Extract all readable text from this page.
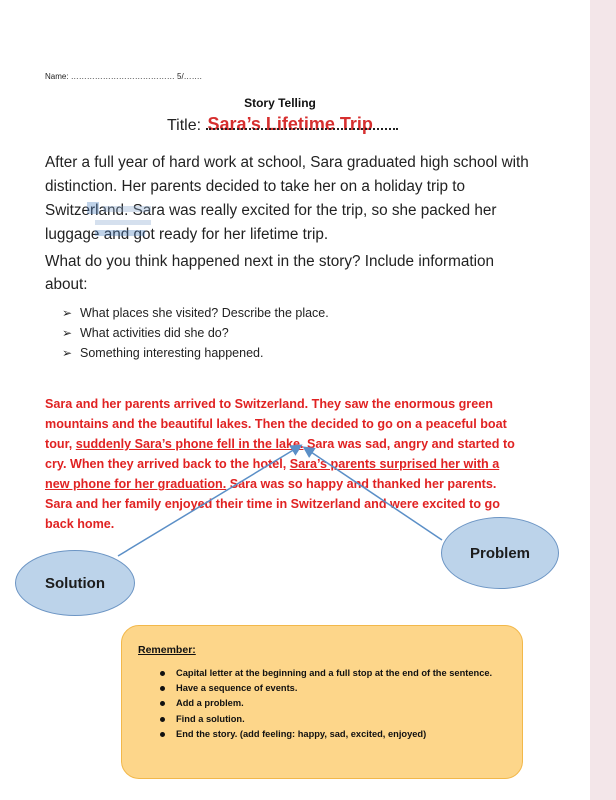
Name: ………………………………… 5/…….
Story Telling
Title: Sara’s Lifetime Trip
After a full year of hard work at school, Sara graduated high school with distinction. Her parents decided to take her on a holiday trip to Switzerland. Sara was really excited for the trip, so she packed her luggage and got ready for her lifetime trip.
What do you think happened next in the story? Include information about:
➢ What places she visited? Describe the place.
➢ What activities did she do?
➢ Something interesting happened.
Sara and her parents arrived to Switzerland. They saw the enormous green mountains and the beautiful lakes. Then the decided to go on a peaceful boat tour, suddenly Sara’s phone fell in the lake. Sara was sad, angry and started to cry. When they arrived back to the hotel, Sara’s parents surprised her with a new phone for her graduation. Sara was so happy and thanked her parents. Sara and her family enjoyed their time in Switzerland and were excited to go back home.
Solution
Problem
Remember:
Capital letter at the beginning and a full stop at the end of the sentence.
Have a sequence of events.
Add a problem.
Find a solution.
End the story. (add feeling: happy, sad, excited, enjoyed)
